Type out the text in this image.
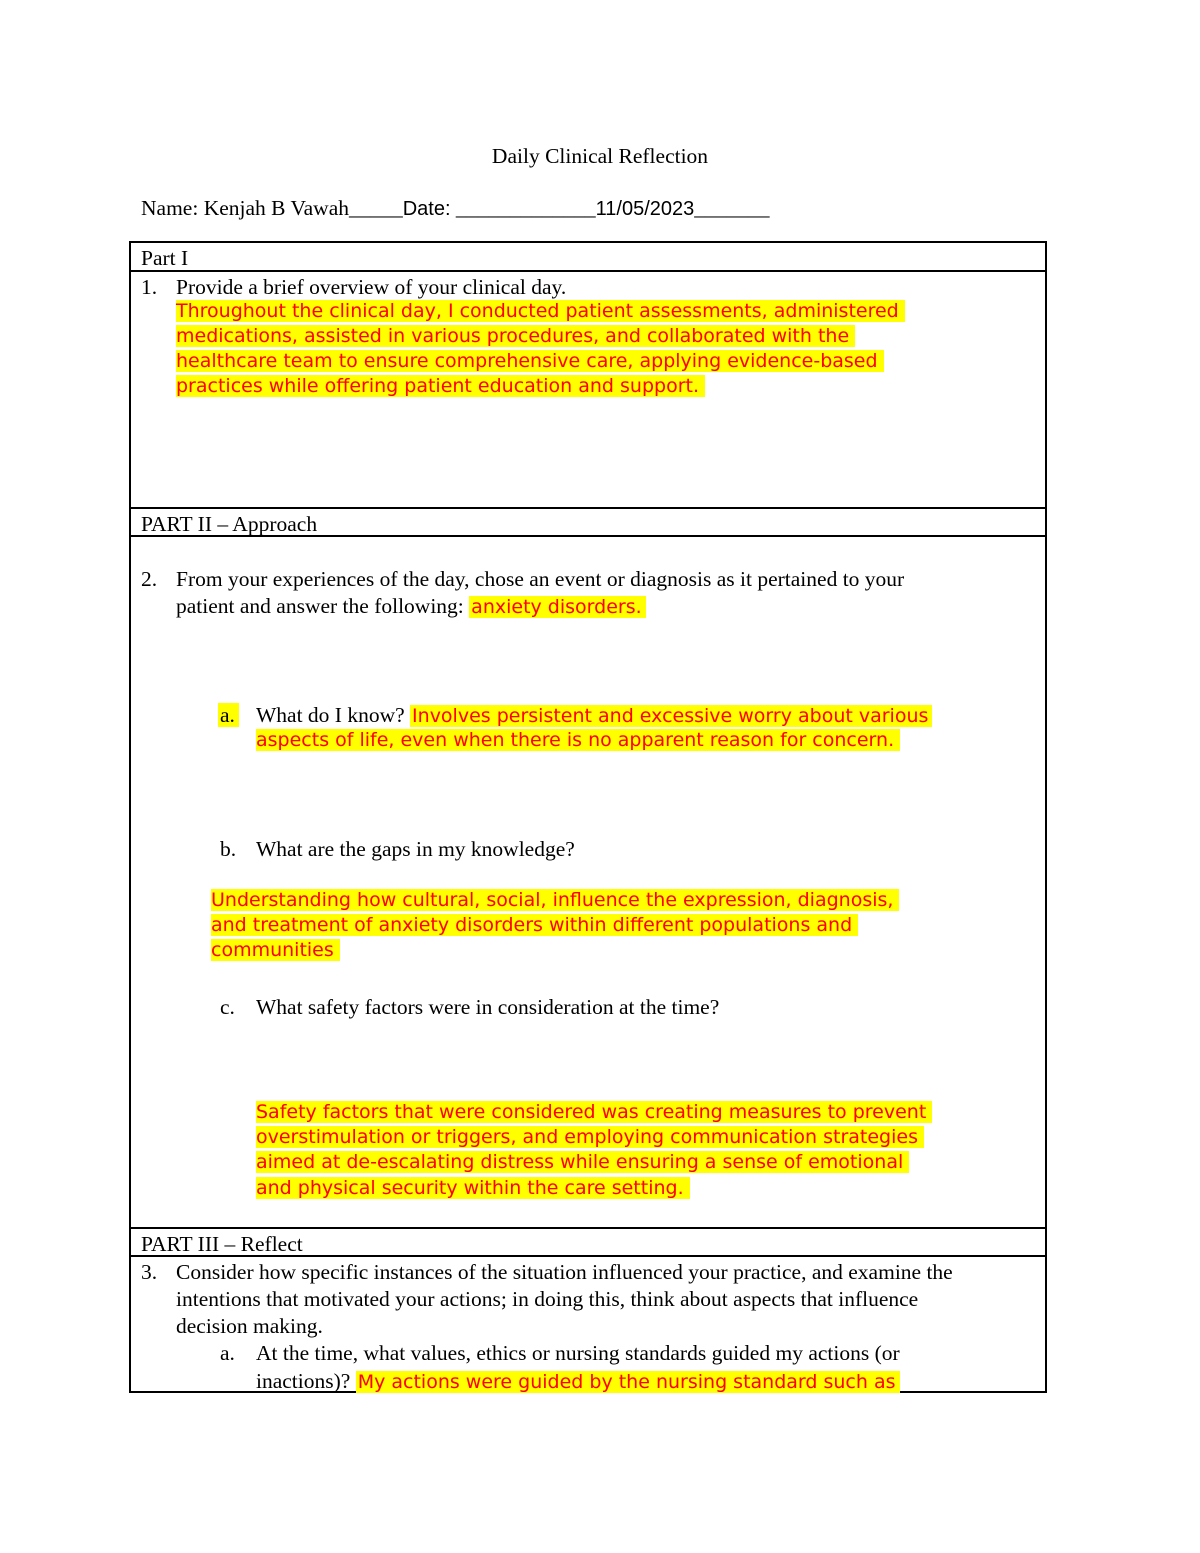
Daily Clinical Reflection
Name: Kenjah B Vawah_____Date: _____________11/05/2023_______
Part I
1. Provide a brief overview of your clinical day.
Throughout the clinical day, I conducted patient assessments, administered
medications, assisted in various procedures, and collaborated with the
healthcare team to ensure comprehensive care, applying evidence-based
practices while offering patient education and support.
PART II – Approach
2. From your experiences of the day, chose an event or diagnosis as it pertained to your
patient and answer the following: anxiety disorders.
a. What do I know? Involves persistent and excessive worry about various
aspects of life, even when there is no apparent reason for concern.
b. What are the gaps in my knowledge?
Understanding how cultural, social, influence the expression, diagnosis,
and treatment of anxiety disorders within different populations and
communities
c. What safety factors were in consideration at the time?
Safety factors that were considered was creating measures to prevent
overstimulation or triggers, and employing communication strategies
aimed at de-escalating distress while ensuring a sense of emotional
and physical security within the care setting.
PART III – Reflect
3. Consider how specific instances of the situation influenced your practice, and examine the
intentions that motivated your actions; in doing this, think about aspects that influence
decision making.
a. At the time, what values, ethics or nursing standards guided my actions (or
inactions)? My actions were guided by the nursing standard such as
